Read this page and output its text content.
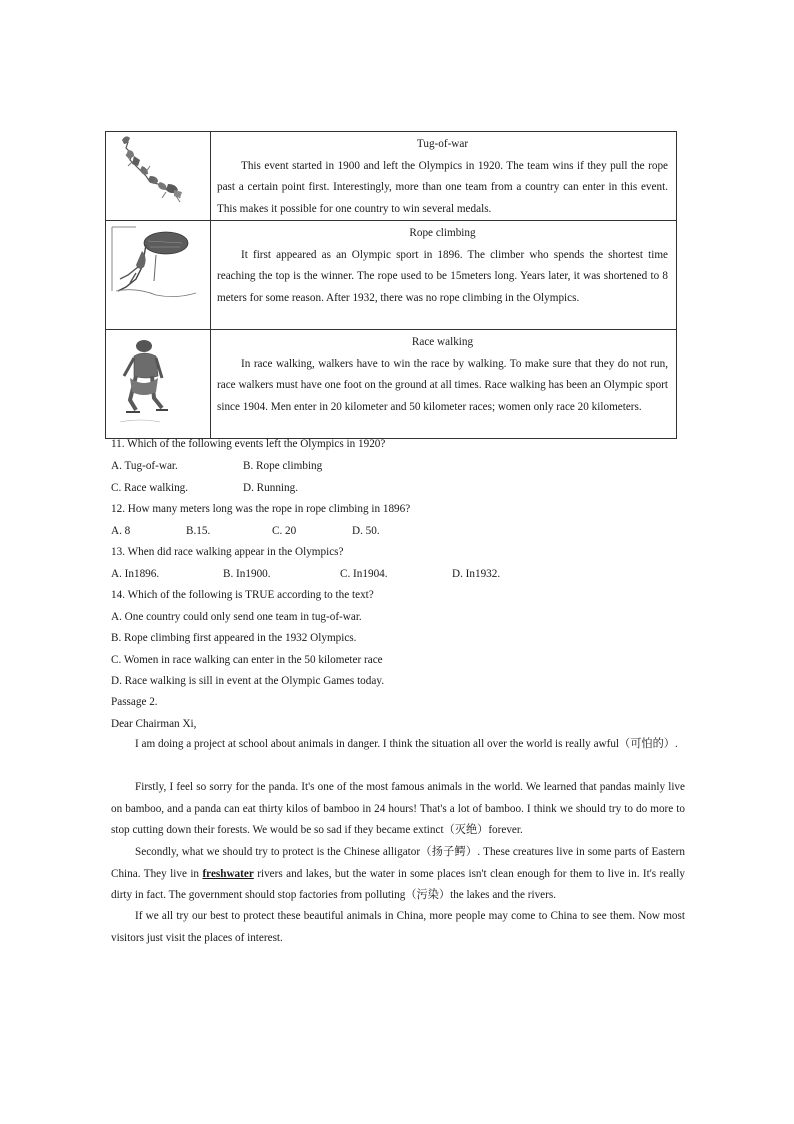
Tug-of-war
This event started in 1900 and left the Olympics in 1920. The team wins if they pull the rope past a certain point first. Interestingly, more than one team from a country can enter in this event. This makes it possible for one country to win several medals.

Rope climbing
It first appeared as an Olympic sport in 1896. The climber who spends the shortest time reaching the top is the winner. The rope used to be 15meters long. Years later, it was shortened to 8 meters for some reason. After 1932, there was no rope climbing in the Olympics.

Race walking
In race walking, walkers have to win the race by walking. To make sure that they do not run, race walkers must have one foot on the ground at all times. Race walking has been an Olympic sport since 1904. Men enter in 20 kilometer and 50 kilometer races; women only race 20 kilometers.
11. Which of the following events left the Olympics in 1920?
A. Tug-of-war.	B. Rope climbing
C. Race walking.	D. Running.
12. How many meters long was the rope in rope climbing in 1896?
A. 8	B.15.	C. 20	D. 50.
13. When did race walking appear in the Olympics?
A. In1896.	B. In1900.	C. In1904.	D. In1932.
14. Which of the following is TRUE according to the text?
A. One country could only send one team in tug-of-war.
B. Rope climbing first appeared in the 1932 Olympics.
C. Women in race walking can enter in the 50 kilometer race
D. Race walking is sill in event at the Olympic Games today.
Passage 2.
Dear Chairman Xi,
I am doing a project at school about animals in danger. I think the situation all over the world is really awful（可怕的）.
Firstly, I feel so sorry for the panda. It's one of the most famous animals in the world. We learned that pandas mainly live on bamboo, and a panda can eat thirty kilos of bamboo in 24 hours! That's a lot of bamboo. I think we should try to do more to stop cutting down their forests. We would be so sad if they became extinct（灭绝）forever.
Secondly, what we should try to protect is the Chinese alligator（扬子鳄）. These creatures live in some parts of Eastern China. They live in freshwater rivers and lakes, but the water in some places isn't clean enough for them to live in. It's really dirty in fact. The government should stop factories from polluting（污染）the lakes and the rivers.
If we all try our best to protect these beautiful animals in China, more people may come to China to see them. Now most visitors just visit the places of interest.
